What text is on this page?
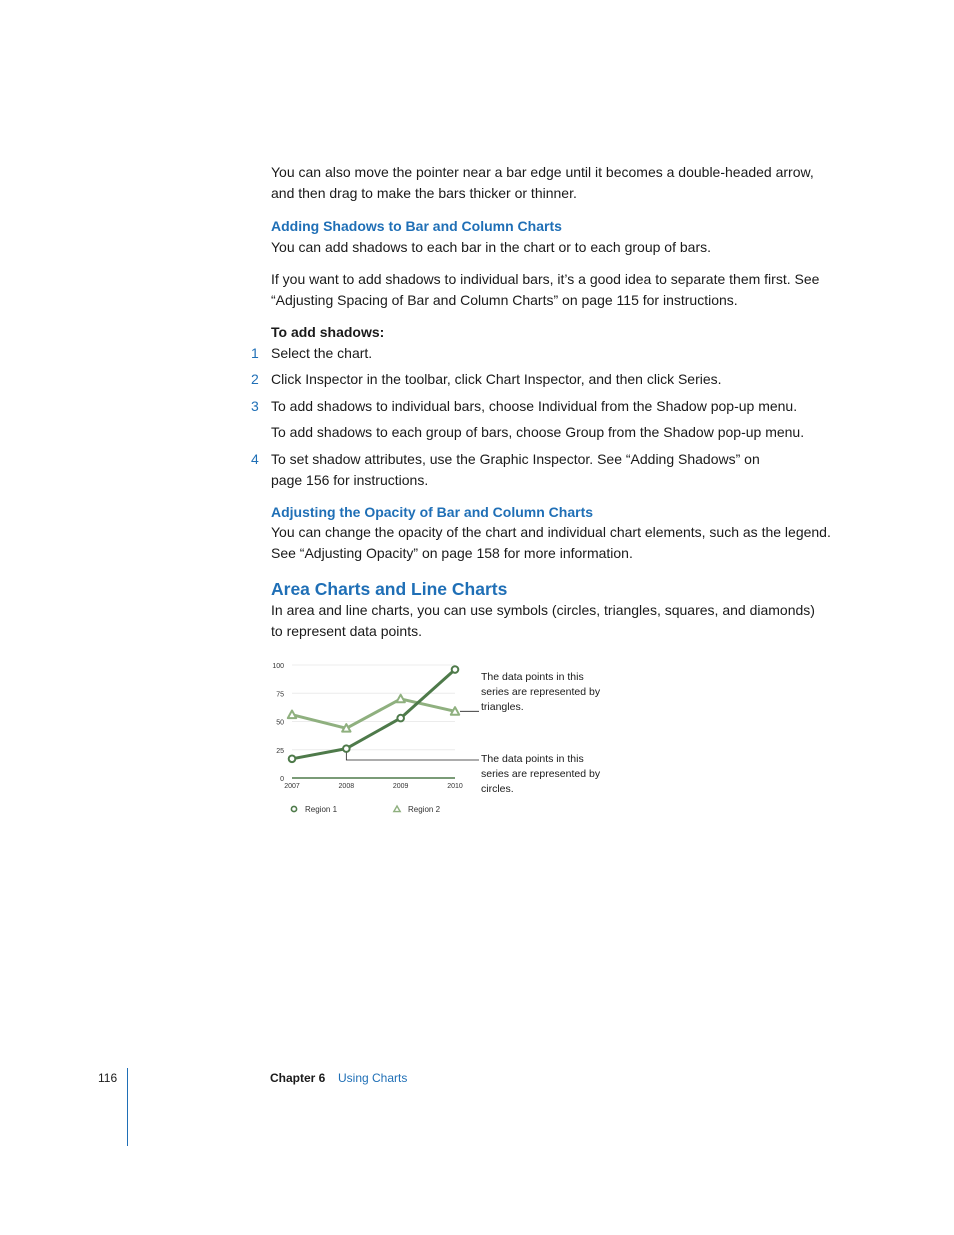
You can also move the pointer near a bar edge until it becomes a double-headed arrow, and then drag to make the bars thicker or thinner.

Adding Shadows to Bar and Column Charts

You can add shadows to each bar in the chart or to each group of bars.

If you want to add shadows to individual bars, it’s a good idea to separate them first. See “Adjusting Spacing of Bar and Column Charts” on page 115 for instructions.

To add shadows:

1 Select the chart.

2 Click Inspector in the toolbar, click Chart Inspector, and then click Series.

3 To add shadows to individual bars, choose Individual from the Shadow pop-up menu.

To add shadows to each group of bars, choose Group from the Shadow pop-up menu.

4 To set shadow attributes, use the Graphic Inspector. See “Adding Shadows” on page 156 for instructions.

Adjusting the Opacity of Bar and Column Charts

You can change the opacity of the chart and individual chart elements, such as the legend. See “Adjusting Opacity” on page 158 for more information.

Area Charts and Line Charts

In area and line charts, you can use symbols (circles, triangles, squares, and diamonds) to represent data points.

0
25
50
75
100
2007	2008	2009	2010
Region 1	Region 2
The data points in this series are represented by triangles.
The data points in this series are represented by circles.
116	Chapter 6 Using Charts
